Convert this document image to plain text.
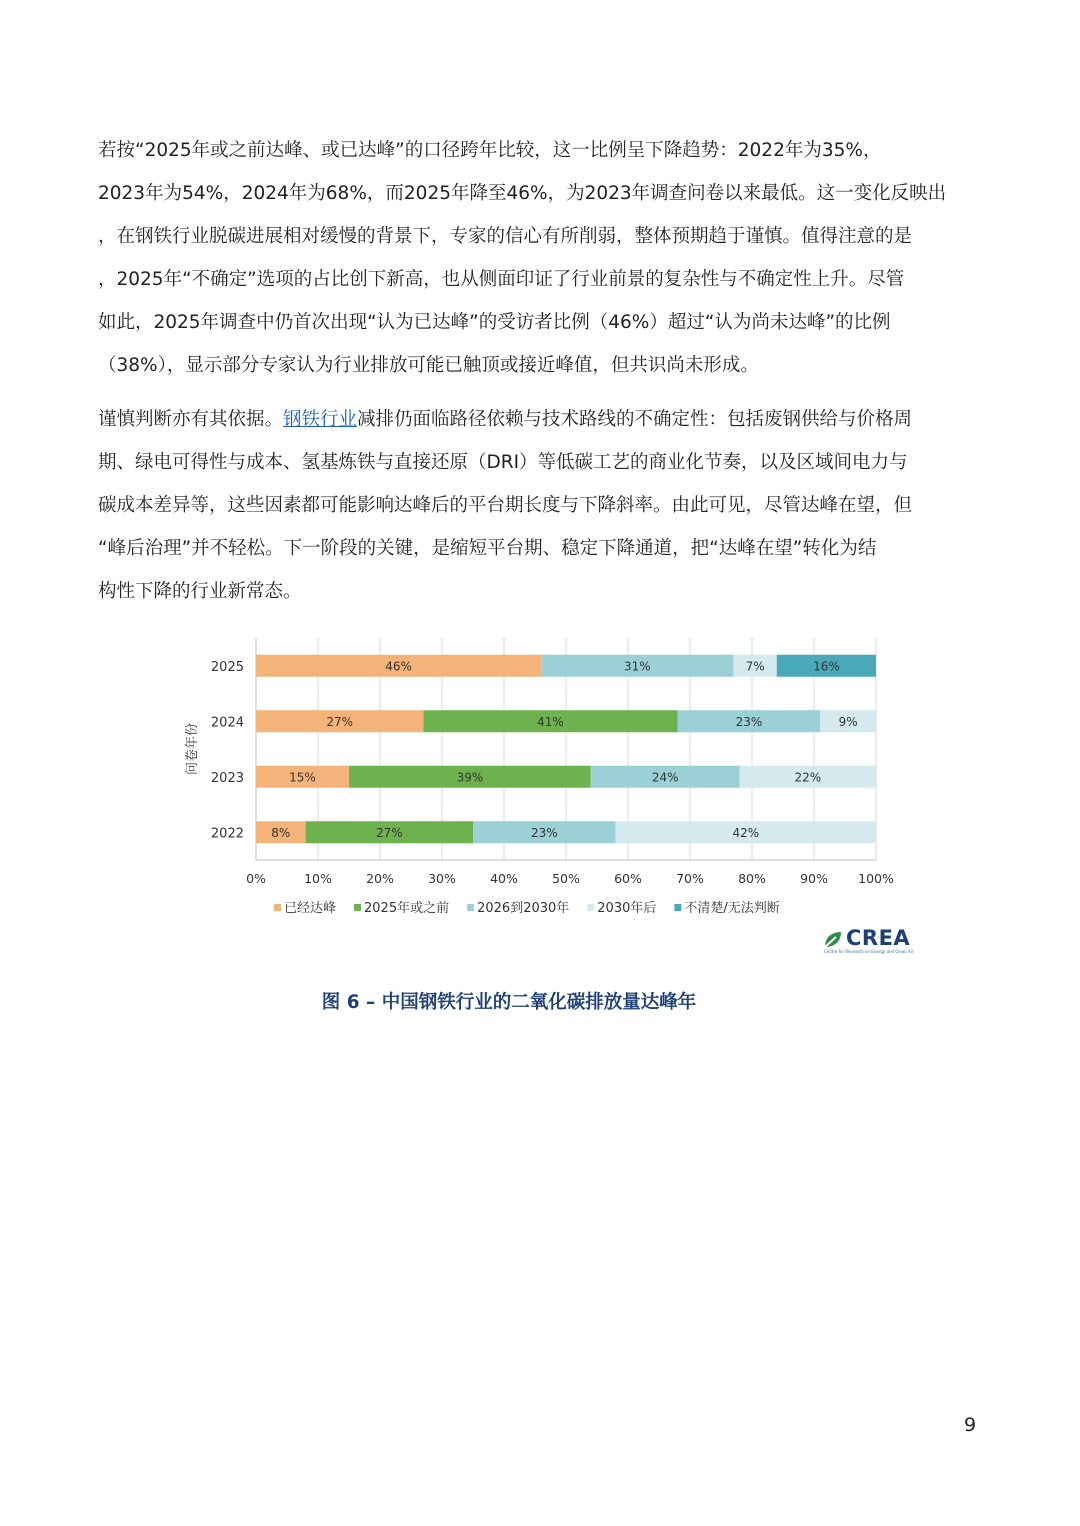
若按“2025年或之前达峰、或已达峰”的口径跨年比较，这一比例呈下降趋势：2022年为35%，
2023年为54%，2024年为68%，而2025年降至46%，为2023年调查问卷以来最低。这一变化反映出
，在钢铁行业脱碳进展相对缓慢的背景下，专家的信心有所削弱，整体预期趋于谨慎。值得注意的是
，2025年“不确定”选项的占比创下新高，也从侧面印证了行业前景的复杂性与不确定性上升。尽管
如此，2025年调查中仍首次出现“认为已达峰”的受访者比例（46%）超过“认为尚未达峰”的比例
（38%），显示部分专家认为行业排放可能已触顶或接近峰值，但共识尚未形成。
谨慎判断亦有其依据。钢铁行业减排仍面临路径依赖与技术路线的不确定性：包括废钢供给与价格周
期、绿电可得性与成本、氢基炼铁与直接还原（DRI）等低碳工艺的商业化节奏，以及区域间电力与
碳成本差异等，这些因素都可能影响达峰后的平台期长度与下降斜率。由此可见，尽管达峰在望，但
“峰后治理”并不轻松。下一阶段的关键，是缩短平台期、稳定下降通道，把“达峰在望”转化为结
构性下降的行业新常态。
0%	10%	20%	30%	40%	50%	60%	70%	80%	90% 100%
2025	46%	31%	7%	16%
2024	27%	41%	23%	9%
2023	15%	39%	24%	22%
2022 8%	27%	23%	42%
问卷年份
已经达峰 2025年或之前 2026到2030年 2030年后 不清楚/无法判断
CREA
Centre for Research on Energy and Clean Air
图 6 – 中国钢铁行业的二氧化碳排放量达峰年
9
